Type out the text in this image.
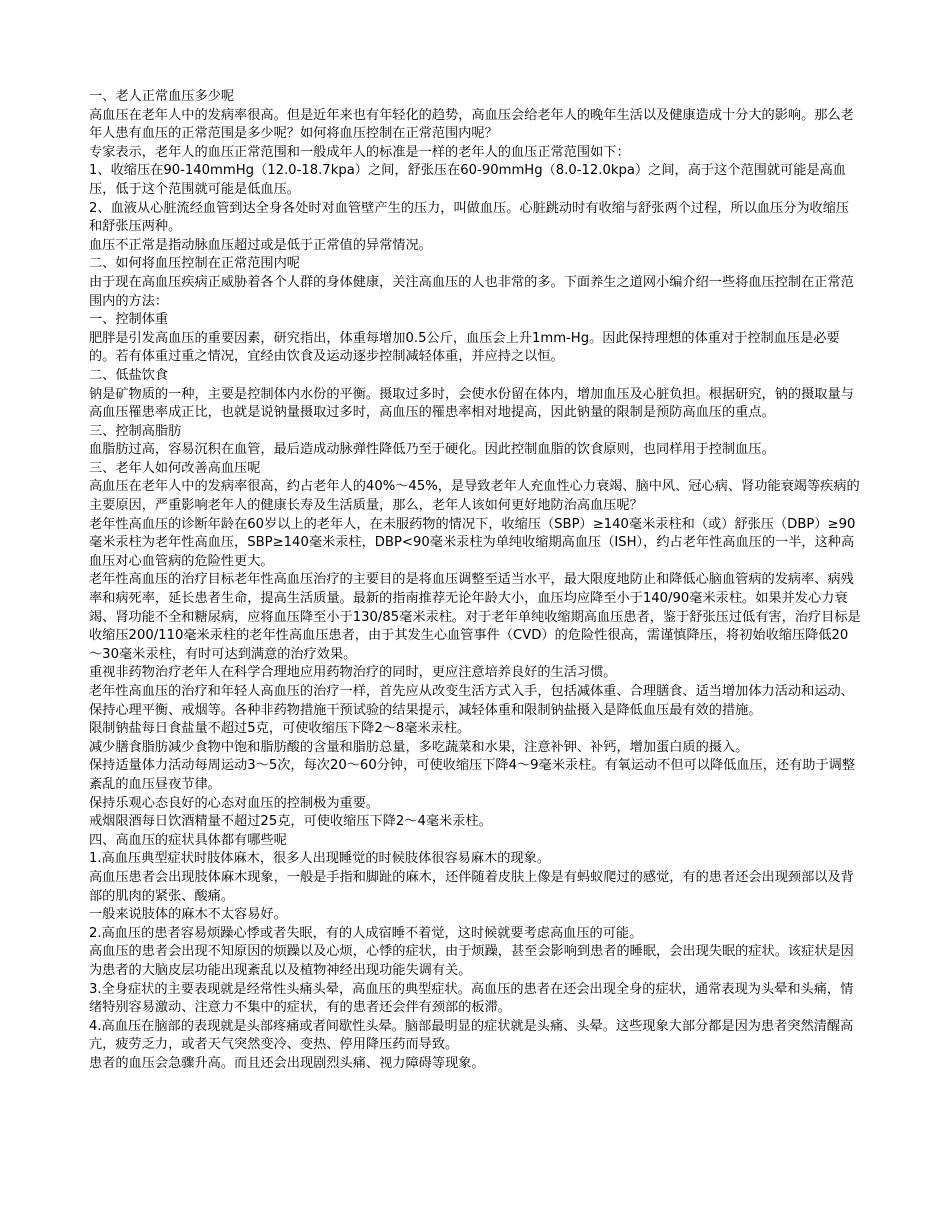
一、老人正常血压多少呢

高血压在老年人中的发病率很高。但是近年来也有年轻化的趋势，高血压会给老年人的晚年生活以及健康造成十分大的影响。那么老年人患有血压的正常范围是多少呢？如何将血压控制在正常范围内呢？

专家表示，老年人的血压正常范围和一般成年人的标准是一样的老年人的血压正常范围如下：

1、收缩压在90-140mmHg（12.0-18.7kpa）之间，舒张压在60-90mmHg（8.0-12.0kpa）之间，高于这个范围就可能是高血压，低于这个范围就可能是低血压。

2、血液从心脏流经血管到达全身各处时对血管壁产生的压力，叫做血压。心脏跳动时有收缩与舒张两个过程，所以血压分为收缩压和舒张压两种。

血压不正常是指动脉血压超过或是低于正常值的异常情况。

二、如何将血压控制在正常范围内呢

由于现在高血压疾病正威胁着各个人群的身体健康，关注高血压的人也非常的多。下面养生之道网小编介绍一些将血压控制在正常范围内的方法：

一、控制体重

肥胖是引发高血压的重要因素，研究指出，体重每增加0.5公斤，血压会上升1mm-Hg。因此保持理想的体重对于控制血压是必要的。若有体重过重之情况，宜经由饮食及运动逐步控制减轻体重，并应持之以恒。

二、低盐饮食

钠是矿物质的一种，主要是控制体内水份的平衡。摄取过多时，会使水份留在体内，增加血压及心脏负担。根据研究，钠的摄取量与高血压罹患率成正比，也就是说钠量摄取过多时，高血压的罹患率相对地提高，因此钠量的限制是预防高血压的重点。

三、控制高脂肪

血脂肪过高，容易沉积在血管，最后造成动脉弹性降低乃至于硬化。因此控制血脂的饮食原则，也同样用于控制血压。

三、老年人如何改善高血压呢

高血压在老年人中的发病率很高，约占老年人的40%～45%，是导致老年人充血性心力衰竭、脑中风、冠心病、肾功能衰竭等疾病的主要原因，严重影响老年人的健康长寿及生活质量，那么，老年人该如何更好地防治高血压呢？

老年性高血压的诊断年龄在60岁以上的老年人，在未服药物的情况下，收缩压（SBP）≥140毫米汞柱和（或）舒张压（DBP）≥90毫米汞柱为老年性高血压，SBP≥140毫米汞柱，DBP<90毫米汞柱为单纯收缩期高血压（ISH），约占老年性高血压的一半，这种高血压对心血管病的危险性更大。

老年性高血压的治疗目标老年性高血压治疗的主要目的是将血压调整至适当水平，最大限度地防止和降低心脑血管病的发病率、病残率和病死率，延长患者生命，提高生活质量。最新的指南推荐无论年龄大小，血压均应降至小于140/90毫米汞柱。如果并发心力衰竭、肾功能不全和糖尿病，应将血压降至小于130/85毫米汞柱。对于老年单纯收缩期高血压患者，鉴于舒张压过低有害，治疗目标是收缩压200/110毫米汞柱的老年性高血压患者，由于其发生心血管事件（CVD）的危险性很高，需谨慎降压，将初始收缩压降低20～30毫米汞柱，有时可达到满意的治疗效果。

重视非药物治疗老年人在科学合理地应用药物治疗的同时，更应注意培养良好的生活习惯。

老年性高血压的治疗和年轻人高血压的治疗一样，首先应从改变生活方式入手，包括减体重、合理膳食、适当增加体力活动和运动、保持心理平衡、戒烟等。各种非药物措施干预试验的结果提示，减轻体重和限制钠盐摄入是降低血压最有效的措施。

限制钠盐每日食盐量不超过5克，可使收缩压下降2～8毫米汞柱。

减少膳食脂肪减少食物中饱和脂肪酸的含量和脂肪总量，多吃蔬菜和水果，注意补钾、补钙，增加蛋白质的摄入。

保持适量体力活动每周运动3～5次，每次20～60分钟，可使收缩压下降4～9毫米汞柱。有氧运动不但可以降低血压，还有助于调整紊乱的血压昼夜节律。

保持乐观心态良好的心态对血压的控制极为重要。

戒烟限酒每日饮酒精量不超过25克，可使收缩压下降2～4毫米汞柱。

四、高血压的症状具体都有哪些呢

1.高血压典型症状时肢体麻木，很多人出现睡觉的时候肢体很容易麻木的现象。

高血压患者会出现肢体麻木现象，一般是手指和脚趾的麻木，还伴随着皮肤上像是有蚂蚁爬过的感觉，有的患者还会出现颈部以及背部的肌肉的紧张、酸痛。

一般来说肢体的麻木不太容易好。

2.高血压的患者容易烦躁心悸或者失眠，有的人成宿睡不着觉，这时候就要考虑高血压的可能。

高血压的患者会出现不知原因的烦躁以及心烦，心悸的症状，由于烦躁，甚至会影响到患者的睡眠，会出现失眠的症状。该症状是因为患者的大脑皮层功能出现紊乱以及植物神经出现功能失调有关。

3.全身症状的主要表现就是经常性头痛头晕，高血压的典型症状。高血压的患者在还会出现全身的症状，通常表现为头晕和头痛，情绪特别容易激动、注意力不集中的症状，有的患者还会伴有颈部的板滞。

4.高血压在脑部的表现就是头部疼痛或者间歇性头晕。脑部最明显的症状就是头痛、头晕。这些现象大部分都是因为患者突然清醒高亢，疲劳乏力，或者天气突然变冷、变热、停用降压药而导致。

患者的血压会急骤升高。而且还会出现剧烈头痛、视力障碍等现象。
